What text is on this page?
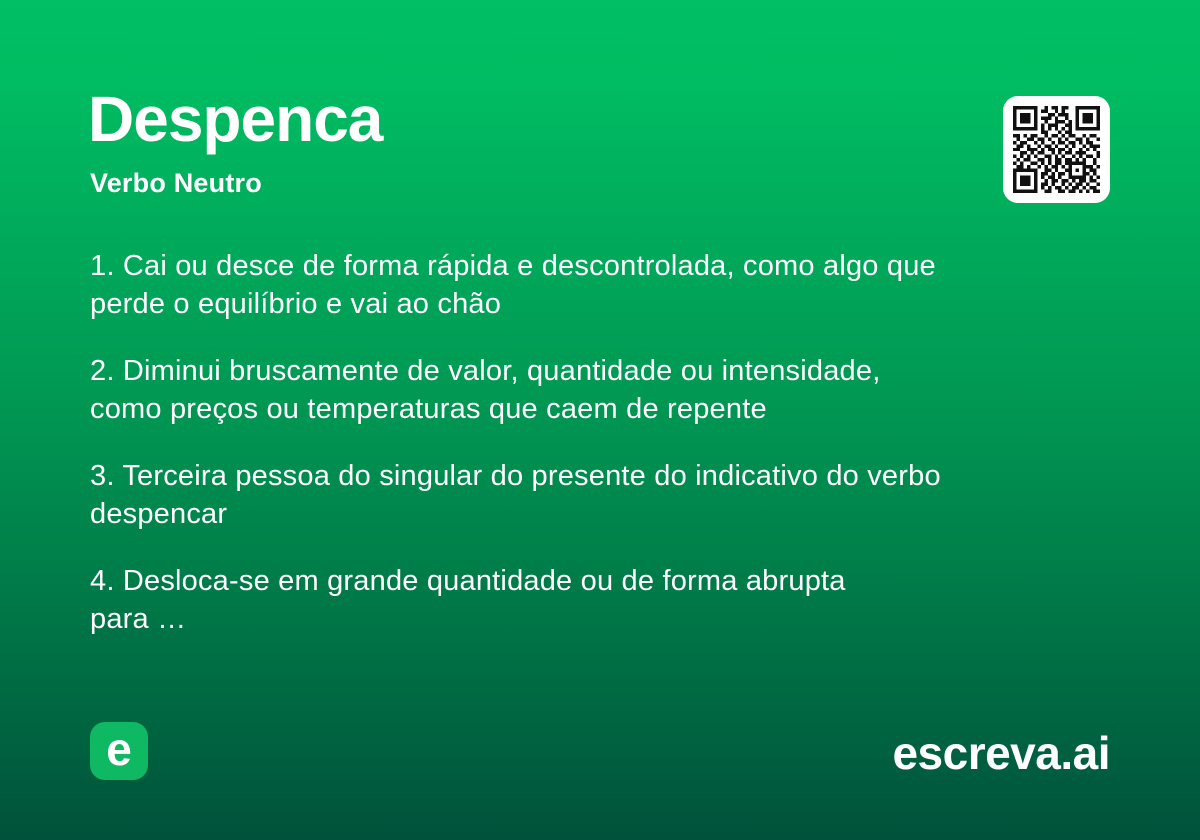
Despenca
Verbo Neutro

1. Cai ou desce de forma rápida e descontrolada, como algo que
perde o equilíbrio e vai ao chão

2. Diminui bruscamente de valor, quantidade ou intensidade,
como preços ou temperaturas que caem de repente

3. Terceira pessoa do singular do presente do indicativo do verbo
despencar

4. Desloca-se em grande quantidade ou de forma abrupta
para …

e	escreva.ai
